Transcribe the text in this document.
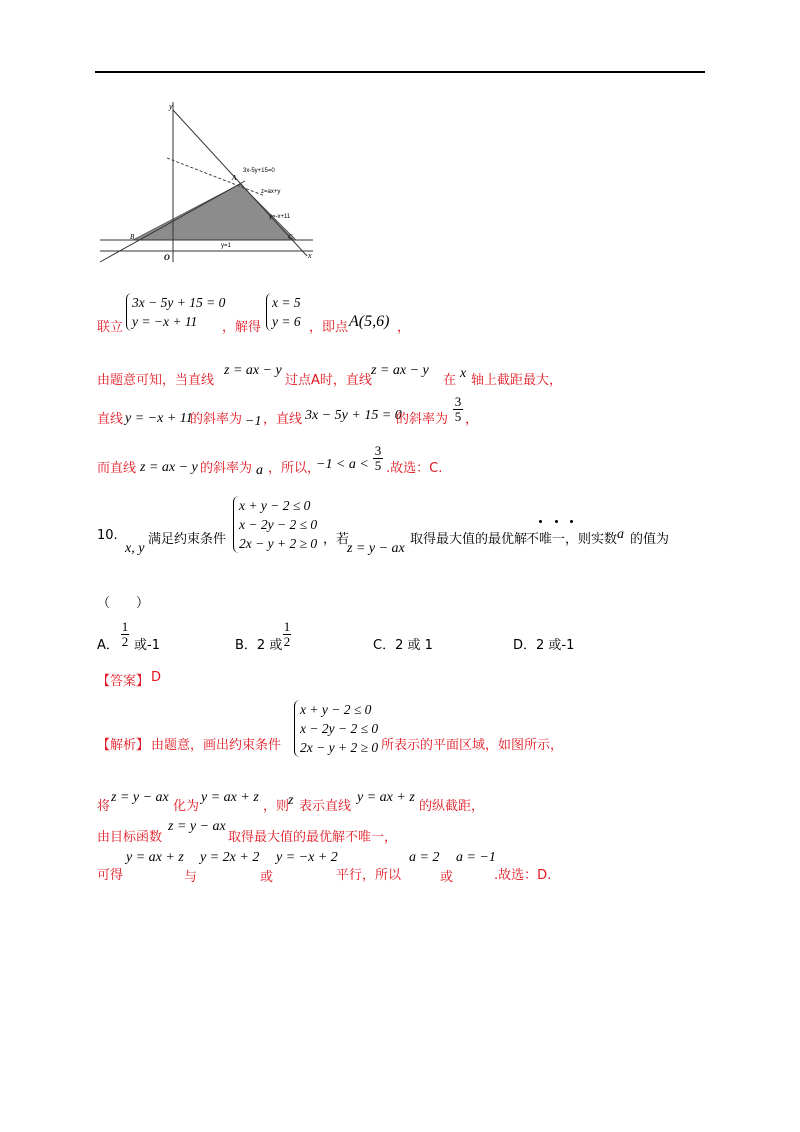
y
x
O
A
B	C
3x-5y+15=0
z=ax+y
y=-x+11
y=1
联立
3x − 5y + 15 = 0
y = −x + 11	，解得
x = 5
y = 6 ，即点 A(5,6) ，
由题意可知，当直线
z = ax − y
过点A时，直线
z = ax − y
在 x 轴上截距最大，
直线 y = −x + 11
的斜率为 −1 ，直线 3x − 5y + 15 = 0
的斜率为
3
5 ，
而直线 z = ax − y 的斜率为 a ，所以，
−1 < a <
3
5 .故选：C.
10.
x, y
满足约束条件
x + y − 2 ≤ 0
x − 2y − 2 ≤ 0
2x − y + 2 ≥ 0 ，若
z = y − ax
取得最大值的最优解
不唯一 ，则实数 a 的值为
（　　）
A．
1
2 或-1	B．2 或
1
2	C．2 或 1	D．2 或-1
【答案】 D
【解析】 由题意，画出约束条件
x + y − 2 ≤ 0
x − 2y − 2 ≤ 0
2x − y + 2 ≥ 0 所表示的平面区域，如图所示，
将
z = y − ax
化为
y = ax + z
，则
z 表示直线
y = ax + z
的纵截距，
由目标函数
z = y − ax
取得最大值的最优解不唯一，
可得
y = ax + z
与
y = 2x + 2
或
y = −x + 2
平行，所以
a = 2
或
a = −1
.故选：D.
